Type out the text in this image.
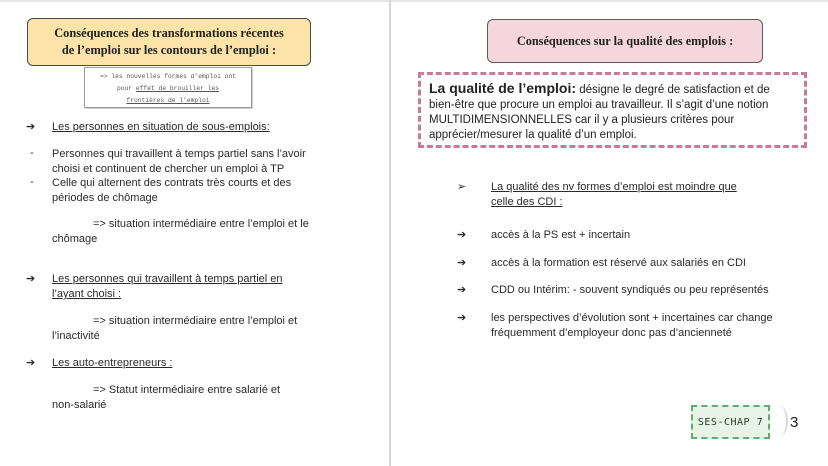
Conséquences des transformations récentes
de l’emploi sur les contours de l’emploi :
=> les nouvelles formes d’emploi ont
pour effet de brouiller les
frontières de l’emploi
➔ Les personnes en situation de sous-emplois:
- Personnes qui travaillent à temps partiel sans l’avoir choisi et continuent de chercher un emploi à TP
- Celle qui alternent des contrats très courts et des périodes de chômage
=> situation intermédiaire entre l’emploi et le
chômage
➔ Les personnes qui travaillent à temps partiel en
l’ayant choisi :
=> situation intermédiaire entre l’emploi et
l’inactivité
➔ Les auto-entrepreneurs :
=> Statut intermédiaire entre salarié et
non-salarié
Conséquences sur la qualité des emplois :
La qualité de l’emploi: désigne le degré de satisfaction et de bien-être que procure un emploi au travailleur. Il s’agit d’une notion MULTIDIMENSIONNELLES car il y a plusieurs critères pour apprécier/mesurer la qualité d’un emploi.
➢ La qualité des nv formes d’emploi est moindre que
celle des CDI :
➔ accès à la PS est + incertain
➔ accès à la formation est réservé aux salariés en CDI
➔ CDD ou Intérim: - souvent syndiqués ou peu représentés
➔ les perspectives d’évolution sont + incertaines car change
fréquemment d’employeur donc pas d’ancienneté
SES-CHAP 7 3
